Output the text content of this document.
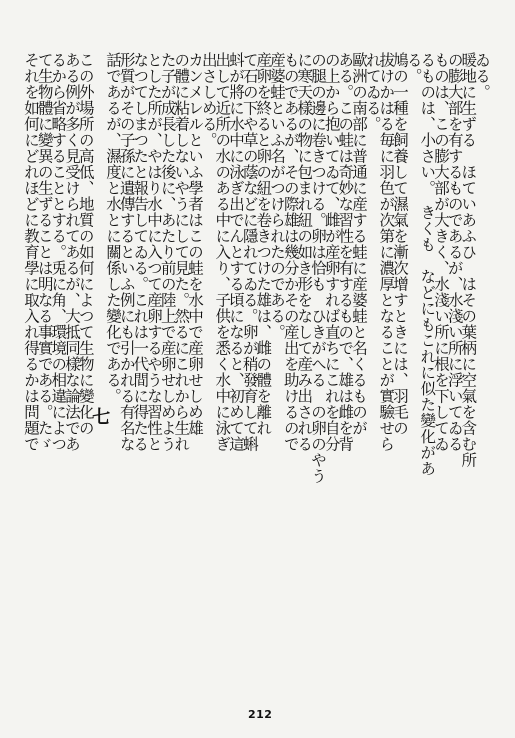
ゐる。
暖地に生ずる　ほていあふひ　はその葉柄に空氣を含む所
の膨大部を有するものであるが、水淺い所に浮いてゐる
ものは、この膨大部が大きく、水淺い所に根を下してゐ
るものは、小さい。　きくも　などにもこれに似た變化があ
る。
鳩の一種を飼養して濕氣を漸次增すときには、羽毛の
拔けかはる毎に羽色が次第に濃厚となることが實驗せら
れてゐる。
歐洲の南部に普通に産する蛙に産婆蛙と名くるものが
ある。この蛙は奇妙な習性を有するもので、雄は雌を背
の上から抱いてゐて、雌が産卵すれば直ちにこれを自分
の腿の邊に卷きつける。卵は恰も　ひきがへる　の卵のやう
に寒天樣の物に包まれ紐の如き形をなして産み出される
ものであるが、その際雄は幾分かその産出を助けるので
産婆蛙といふ名がつけられたのである。
産卵を終ると卵の紐を卷きつけた雄は、雌の體を離れ
て石の下や草の蔭などに隱れてゐる。卵が稍發育して蝌
蚪が將に水中に泳ぎ出でんとする頃になると、初めて這
出して近所の水のある中に入り、子供を悉く水中に泳ぎ
出さしめる。
カンメレルといふ學者はこの蛙を水中で産卵せしめ雄
の體に粘着しないやうにして見た。然るにこれから生れ
た子が成長した後に、あたり前の陸上で産卵せしめよう
とした所が、やはり水中に入つて産卵するやうな習性と
なつてしまつたと報告してゐる。これは一代間に得たる
形質がその子孫に遺傳するといふ例にも引かれる有名な
話であるが、濕度と水とに關係した變化である。
七
この外場所の高低、地質の如何によつて生物に變化の
ある例が多く見受けられてあるが、大抵同樣な論法であ
るから省略することとする。兎に角、環境の相違によつ
て生物體に變異の生ずることは明なる事實である。たゞ
それを如何にどれほどに教育學に取入れ得るかは問題で
212
